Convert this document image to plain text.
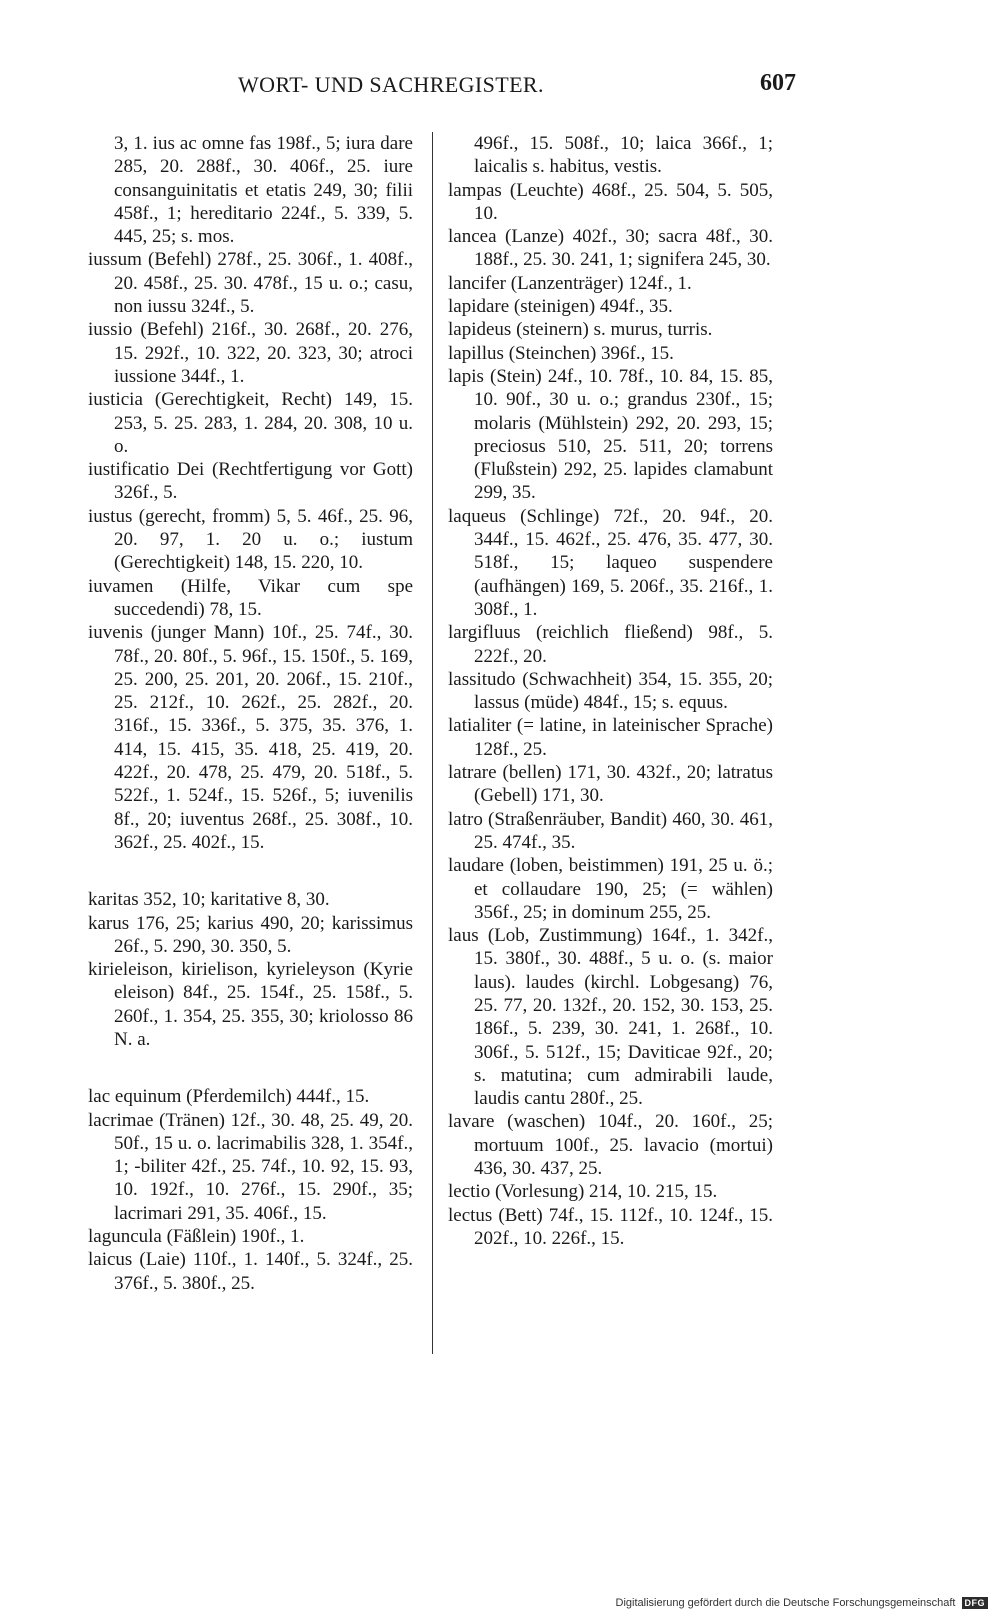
WORT- UND SACHREGISTER.	607

3, 1. ius ac omne fas 198f., 5; iura dare 285, 20. 288f., 30. 406f., 25. iure consanguinitatis et etatis 249, 30; filii 458f., 1; hereditario 224f., 5. 339, 5. 445, 25; s. mos.

iussum (Befehl) 278f., 25. 306f., 1. 408f., 20. 458f., 25. 30. 478f., 15 u. o.; casu, non iussu 324f., 5.

iussio (Befehl) 216f., 30. 268f., 20. 276, 15. 292f., 10. 322, 20. 323, 30; atroci iussione 344f., 1.

iusticia (Gerechtigkeit, Recht) 149, 15. 253, 5. 25. 283, 1. 284, 20. 308, 10 u. o.

iustificatio Dei (Rechtfertigung vor Gott) 326f., 5.

iustus (gerecht, fromm) 5, 5. 46f., 25. 96, 20. 97, 1. 20 u. o.; iustum (Gerechtigkeit) 148, 15. 220, 10.

iuvamen (Hilfe, Vikar cum spe succedendi) 78, 15.

iuvenis (junger Mann) 10f., 25. 74f., 30. 78f., 20. 80f., 5. 96f., 15. 150f., 5. 169, 25. 200, 25. 201, 20. 206f., 15. 210f., 25. 212f., 10. 262f., 25. 282f., 20. 316f., 15. 336f., 5. 375, 35. 376, 1. 414, 15. 415, 35. 418, 25. 419, 20. 422f., 20. 478, 25. 479, 20. 518f., 5. 522f., 1. 524f., 15. 526f., 5; iuvenilis 8f., 20; iuventus 268f., 25. 308f., 10. 362f., 25. 402f., 15.

karitas 352, 10; karitative 8, 30.

karus 176, 25; karius 490, 20; karissimus 26f., 5. 290, 30. 350, 5.

kirieleison, kirielison, kyrieleyson (Kyrie eleison) 84f., 25. 154f., 25. 158f., 5. 260f., 1. 354, 25. 355, 30; kriolosso 86 N. a.

lac equinum (Pferdemilch) 444f., 15.

lacrimae (Tränen) 12f., 30. 48, 25. 49, 20. 50f., 15 u. o. lacrimabilis 328, 1. 354f., 1; -biliter 42f., 25. 74f., 10. 92, 15. 93, 10. 192f., 10. 276f., 15. 290f., 35; lacrimari 291, 35. 406f., 15.

laguncula (Fäßlein) 190f., 1.

laicus (Laie) 110f., 1. 140f., 5. 324f., 25. 376f., 5. 380f., 25.

496f., 15. 508f., 10; laica 366f., 1; laicalis s. habitus, vestis.

lampas (Leuchte) 468f., 25. 504, 5. 505, 10.

lancea (Lanze) 402f., 30; sacra 48f., 30. 188f., 25. 30. 241, 1; signifera 245, 30.

lancifer (Lanzenträger) 124f., 1.

lapidare (steinigen) 494f., 35.

lapideus (steinern) s. murus, turris.

lapillus (Steinchen) 396f., 15.

lapis (Stein) 24f., 10. 78f., 10. 84, 15. 85, 10. 90f., 30 u. o.; grandus 230f., 15; molaris (Mühlstein) 292, 20. 293, 15; preciosus 510, 25. 511, 20; torrens (Flußstein) 292, 25. lapides clamabunt 299, 35.

laqueus (Schlinge) 72f., 20. 94f., 20. 344f., 15. 462f., 25. 476, 35. 477, 30. 518f., 15; laqueo suspendere (aufhängen) 169, 5. 206f., 35. 216f., 1. 308f., 1.

largifluus (reichlich fließend) 98f., 5. 222f., 20.

lassitudo (Schwachheit) 354, 15. 355, 20; lassus (müde) 484f., 15; s. equus.

latialiter (= latine, in lateinischer Sprache) 128f., 25.

latrare (bellen) 171, 30. 432f., 20; latratus (Gebell) 171, 30.

latro (Straßenräuber, Bandit) 460, 30. 461, 25. 474f., 35.

laudare (loben, beistimmen) 191, 25 u. ö.; et collaudare 190, 25; (= wählen) 356f., 25; in dominum 255, 25.

laus (Lob, Zustimmung) 164f., 1. 342f., 15. 380f., 30. 488f., 5 u. o. (s. maior laus). laudes (kirchl. Lobgesang) 76, 25. 77, 20. 132f., 20. 152, 30. 153, 25. 186f., 5. 239, 30. 241, 1. 268f., 10. 306f., 5. 512f., 15; Daviticae 92f., 20; s. matutina; cum admirabili laude, laudis cantu 280f., 25.

lavare (waschen) 104f., 20. 160f., 25; mortuum 100f., 25. lavacio (mortui) 436, 30. 437, 25.

lectio (Vorlesung) 214, 10. 215, 15.

lectus (Bett) 74f., 15. 112f., 10. 124f., 15. 202f., 10. 226f., 15.

Digitalisierung gefördert durch die Deutsche Forschungsgemeinschaft	DFG
